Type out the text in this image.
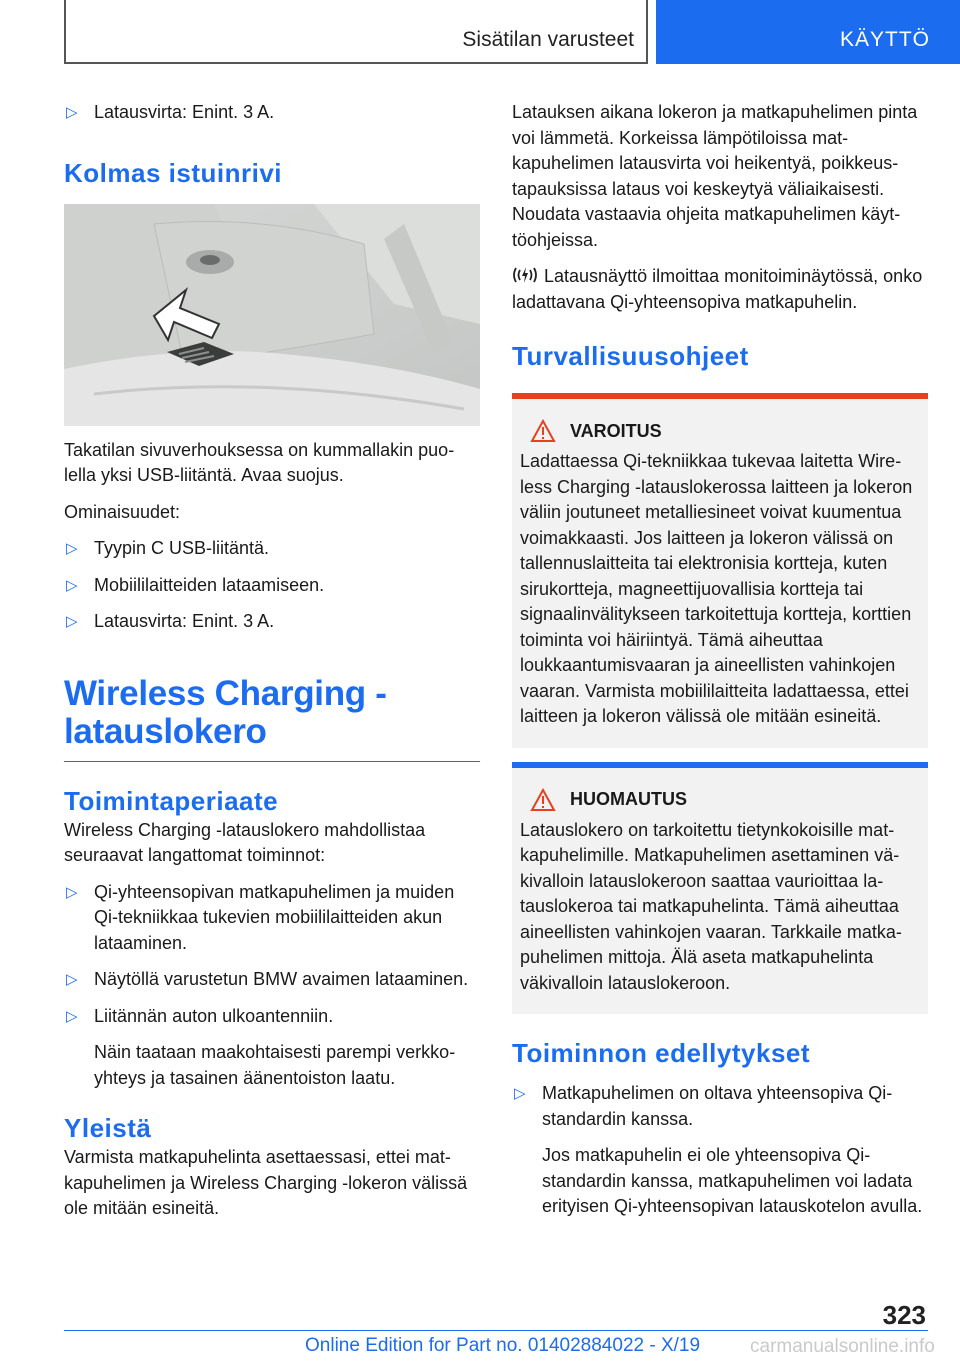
Sisätilan varusteet	KÄYTTÖ
▷ Latausvirta: Enint. 3 A.
Kolmas istuinrivi

Takatilan sivuverhouksessa on kummallakin puolella yksi USB-liitäntä. Avaa suojus.

Ominaisuudet:

▷ Tyypin C USB-liitäntä.
▷ Mobiililaitteiden lataamiseen.
▷ Latausvirta: Enint. 3 A.
Wireless Charging -
latauslokero
Toimintaperiaate

Wireless Charging -latauslokero mahdollistaa seuraavat langattomat toiminnot:

▷ Qi-yhteensopivan matkapuhelimen ja muiden Qi-tekniikkaa tukevien mobiililaitteiden akun lataaminen.
▷ Näytöllä varustetun BMW avaimen lataaminen.
▷ Liitännän auton ulkoantenniin.

Näin taataan maakohtaisesti parempi verkkoyhteys ja tasainen äänentoiston laatu.

Yleistä

Varmista matkapuhelinta asettaessasi, ettei matkapuhelimen ja Wireless Charging -lokeron välissä ole mitään esineitä.

Latauksen aikana lokeron ja matkapuhelimen pinta voi lämmetä. Korkeissa lämpötiloissa matkapuhelimen latausvirta voi heikentyä, poikkeustapauksissa lataus voi keskeytyä väliaikaisesti. Noudata vastaavia ohjeita matkapuhelimen käyttöohjeissa.

Latausnäyttö ilmoittaa monitoiminäytössä, onko ladattavana Qi-yhteensopiva matkapuhelin.

Turvallisuusohjeet
VAROITUS

Ladattaessa Qi-tekniikkaa tukevaa laitetta Wireless Charging -latauslokerossa laitteen ja lokeron väliin joutuneet metalliesineet voivat kuumentua voimakkaasti. Jos laitteen ja lokeron välissä on tallennuslaitteita tai elektronisia kortteja, kuten sirukortteja, magneettijuovallisia kortteja tai signaalinvälitykseen tarkoitettuja kortteja, korttien toiminta voi häiriintyä. Tämä aiheuttaa loukkaantumisvaaran ja aineellisten vahinkojen vaaran. Varmista mobiililaitteita ladattaessa, ettei laitteen ja lokeron välissä ole mitään esineitä.

HUOMAUTUS

Latauslokero on tarkoitettu tietynkokoisille matkapuhelimille. Matkapuhelimen asettaminen väkivalloin latauslokeroon saattaa vaurioittaa latauslokeroa tai matkapuhelinta. Tämä aiheuttaa aineellisten vahinkojen vaaran. Tarkkaile matkapuhelimen mittoja. Älä aseta matkapuhelinta väkivalloin latauslokeroon.

Toiminnon edellytykset
▷ Matkapuhelimen on oltava yhteensopiva Qi-standardin kanssa.

Jos matkapuhelin ei ole yhteensopiva Qi-standardin kanssa, matkapuhelimen voi ladata erityisen Qi-yhteensopivan latauskotelon avulla.

323
Online Edition for Part no. 01402884022 - X/19	carmanualsonline.info
